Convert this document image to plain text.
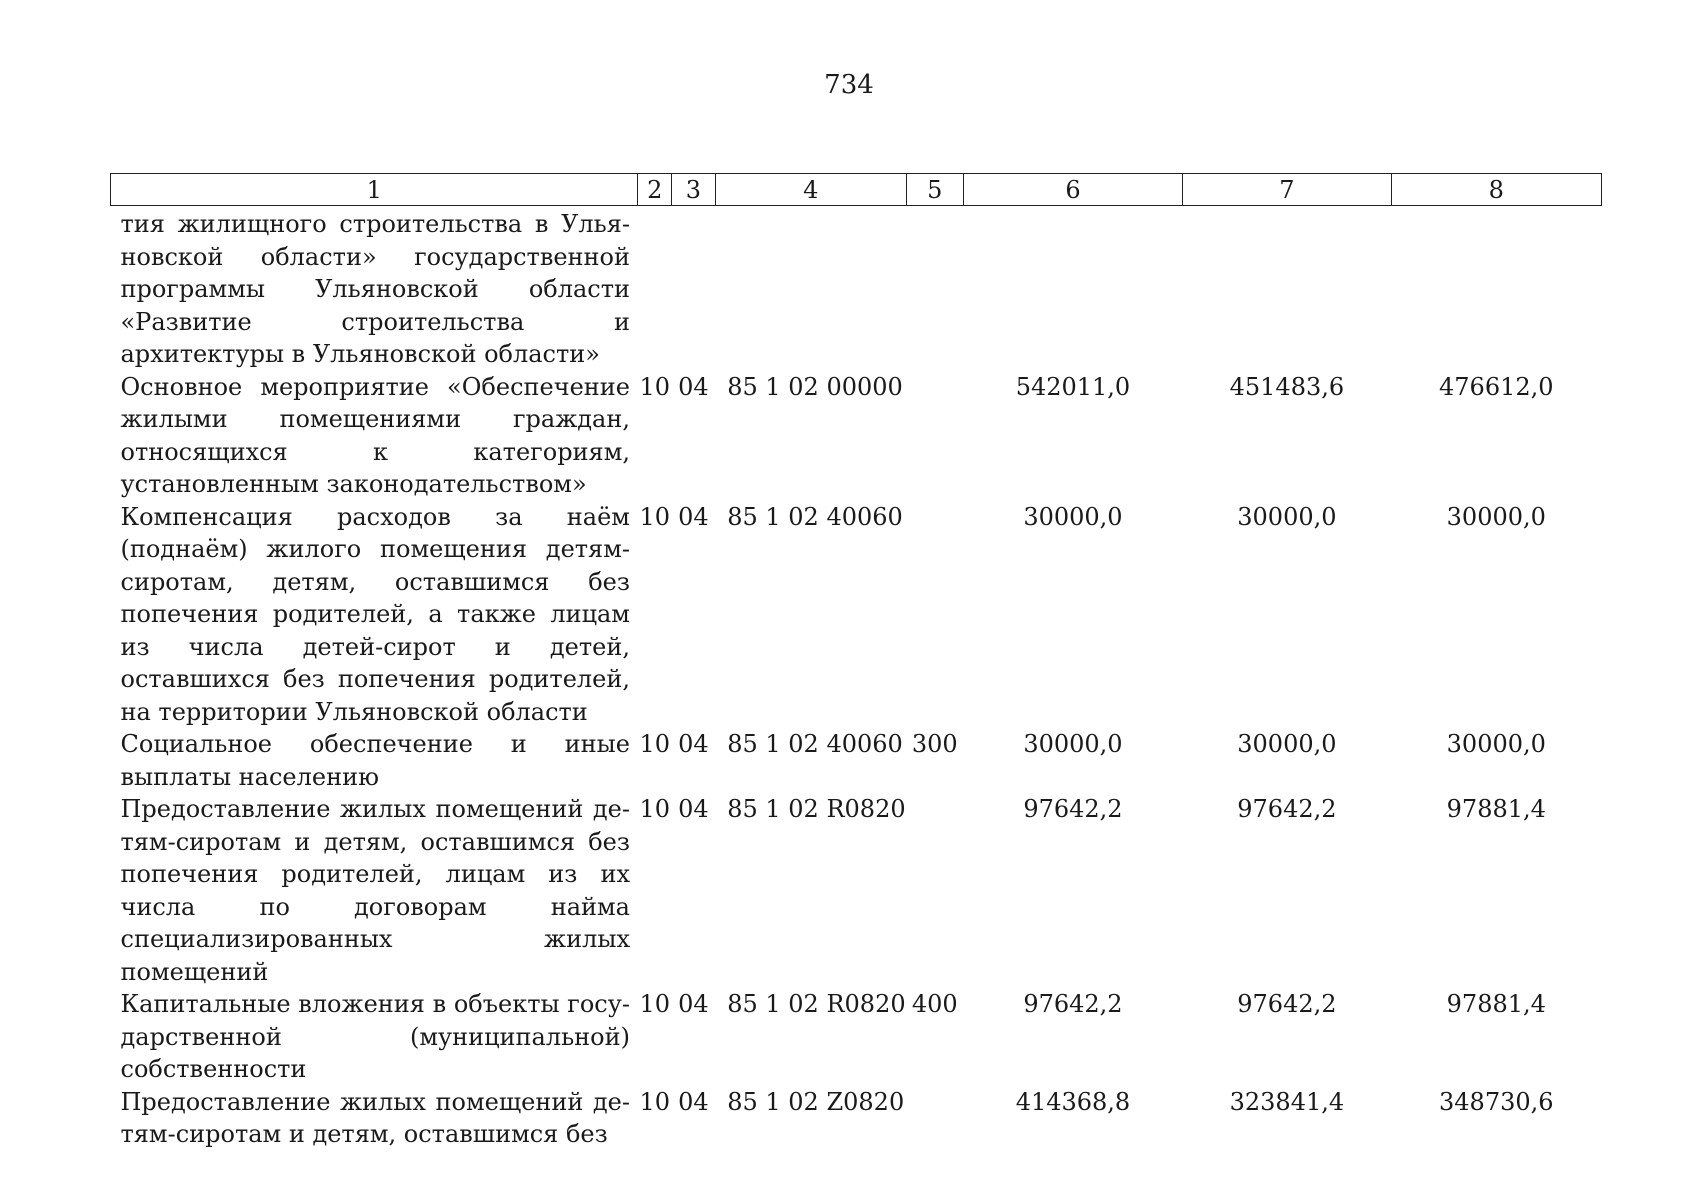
734
1	2	3	4	5	6	7	8
тия жилищного строительства в Ульяновской области» государственной программы Ульяновской области «Развитие строительства и архитектуры в Ульяновской области»							
Основное мероприятие «Обеспечение жилыми помещениями граждан, относящихся к категориям, установленным законодательством»	10	04	85 1 02 00000		542011,0	451483,6	476612,0
Компенсация расходов за наём (поднаём) жилого помещения детям-сиротам, детям, оставшимся без попечения родителей, а также лицам из числа детей-сирот и детей, оставшихся без попечения родителей, на территории Ульяновской области	10	04	85 1 02 40060		30000,0	30000,0	30000,0
Социальное обеспечение и иные выплаты населению	10	04	85 1 02 40060	300	30000,0	30000,0	30000,0
Предоставление жилых помещений детям-сиротам и детям, оставшимся без попечения родителей, лицам из их числа по договорам найма специализированных жилых помещений	10	04	85 1 02 R0820		97642,2	97642,2	97881,4
Капитальные вложения в объекты государственной (муниципальной) собственности	10	04	85 1 02 R0820	400	97642,2	97642,2	97881,4
Предоставление жилых помещений детям-сиротам и детям, оставшимся без	10	04	85 1 02 Z0820		414368,8	323841,4	348730,6
